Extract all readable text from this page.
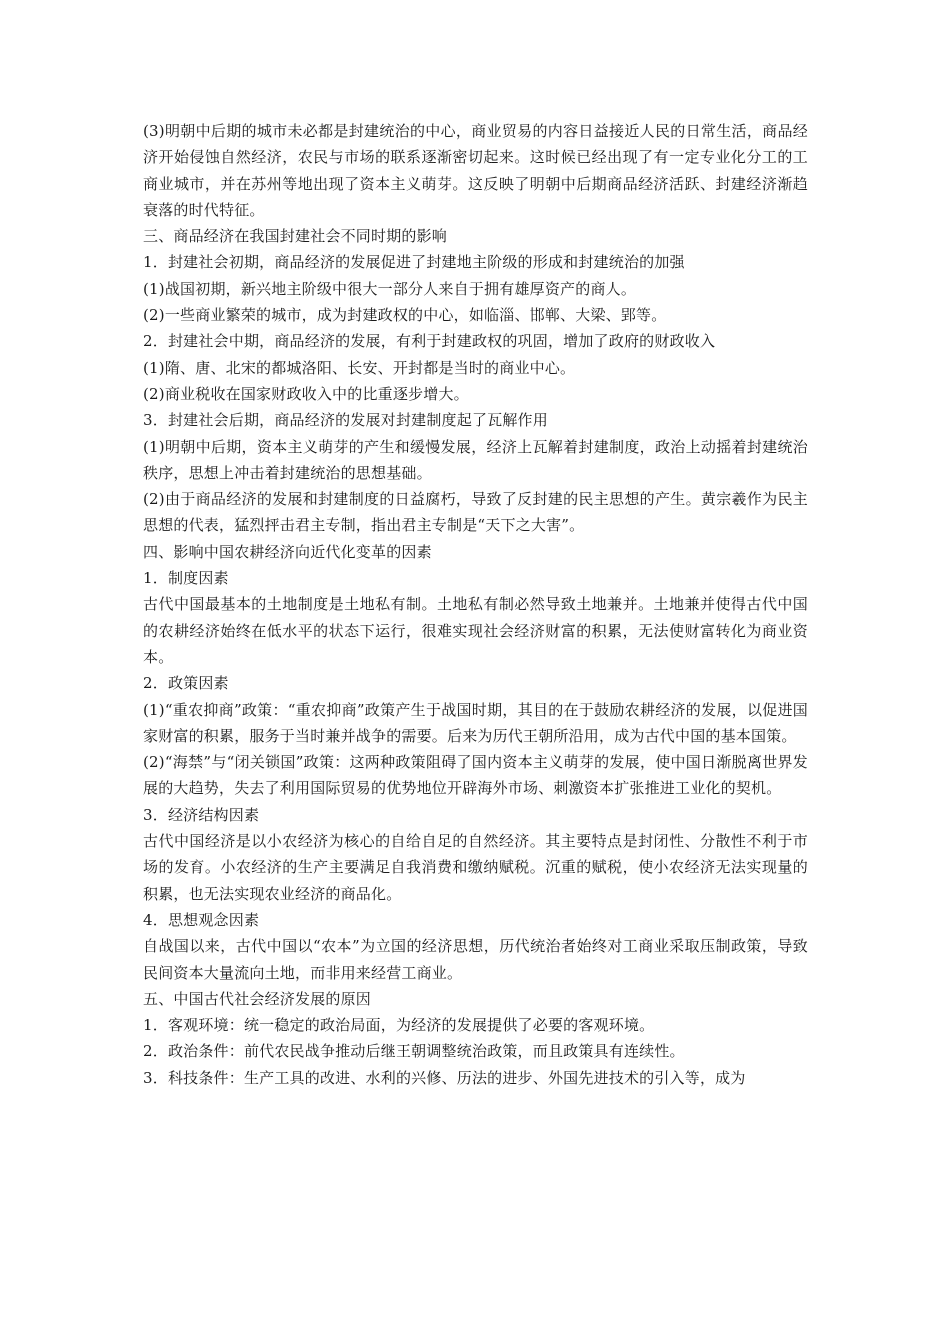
(3)明朝中后期的城市未必都是封建统治的中心，商业贸易的内容日益接近人民的日常生活，商品经济开始侵蚀自然经济，农民与市场的联系逐渐密切起来。这时候已经出现了有一定专业化分工的工商业城市，并在苏州等地出现了资本主义萌芽。这反映了明朝中后期商品经济活跃、封建经济渐趋衰落的时代特征。

三、商品经济在我国封建社会不同时期的影响

1．封建社会初期，商品经济的发展促进了封建地主阶级的形成和封建统治的加强

(1)战国初期，新兴地主阶级中很大一部分人来自于拥有雄厚资产的商人。

(2)一些商业繁荣的城市，成为封建政权的中心，如临淄、邯郸、大梁、郢等。

2．封建社会中期，商品经济的发展，有利于封建政权的巩固，增加了政府的财政收入

(1)隋、唐、北宋的都城洛阳、长安、开封都是当时的商业中心。

(2)商业税收在国家财政收入中的比重逐步增大。

3．封建社会后期，商品经济的发展对封建制度起了瓦解作用

(1)明朝中后期，资本主义萌芽的产生和缓慢发展，经济上瓦解着封建制度，政治上动摇着封建统治秩序，思想上冲击着封建统治的思想基础。

(2)由于商品经济的发展和封建制度的日益腐朽，导致了反封建的民主思想的产生。黄宗羲作为民主思想的代表，猛烈抨击君主专制，指出君主专制是“天下之大害”。

四、影响中国农耕经济向近代化变革的因素

1．制度因素

古代中国最基本的土地制度是土地私有制。土地私有制必然导致土地兼并。土地兼并使得古代中国的农耕经济始终在低水平的状态下运行，很难实现社会经济财富的积累，无法使财富转化为商业资本。

2．政策因素

(1)“重农抑商”政策：“重农抑商”政策产生于战国时期，其目的在于鼓励农耕经济的发展，以促进国家财富的积累，服务于当时兼并战争的需要。后来为历代王朝所沿用，成为古代中国的基本国策。

(2)“海禁”与“闭关锁国”政策：这两种政策阻碍了国内资本主义萌芽的发展，使中国日渐脱离世界发展的大趋势，失去了利用国际贸易的优势地位开辟海外市场、刺激资本扩张推进工业化的契机。

3．经济结构因素

古代中国经济是以小农经济为核心的自给自足的自然经济。其主要特点是封闭性、分散性不利于市场的发育。小农经济的生产主要满足自我消费和缴纳赋税。沉重的赋税，使小农经济无法实现量的积累，也无法实现农业经济的商品化。

4．思想观念因素

自战国以来，古代中国以“农本”为立国的经济思想，历代统治者始终对工商业采取压制政策，导致民间资本大量流向土地，而非用来经营工商业。

五、中国古代社会经济发展的原因

1．客观环境：统一稳定的政治局面，为经济的发展提供了必要的客观环境。

2．政治条件：前代农民战争推动后继王朝调整统治政策，而且政策具有连续性。

3．科技条件：生产工具的改进、水利的兴修、历法的进步、外国先进技术的引入等，成为
